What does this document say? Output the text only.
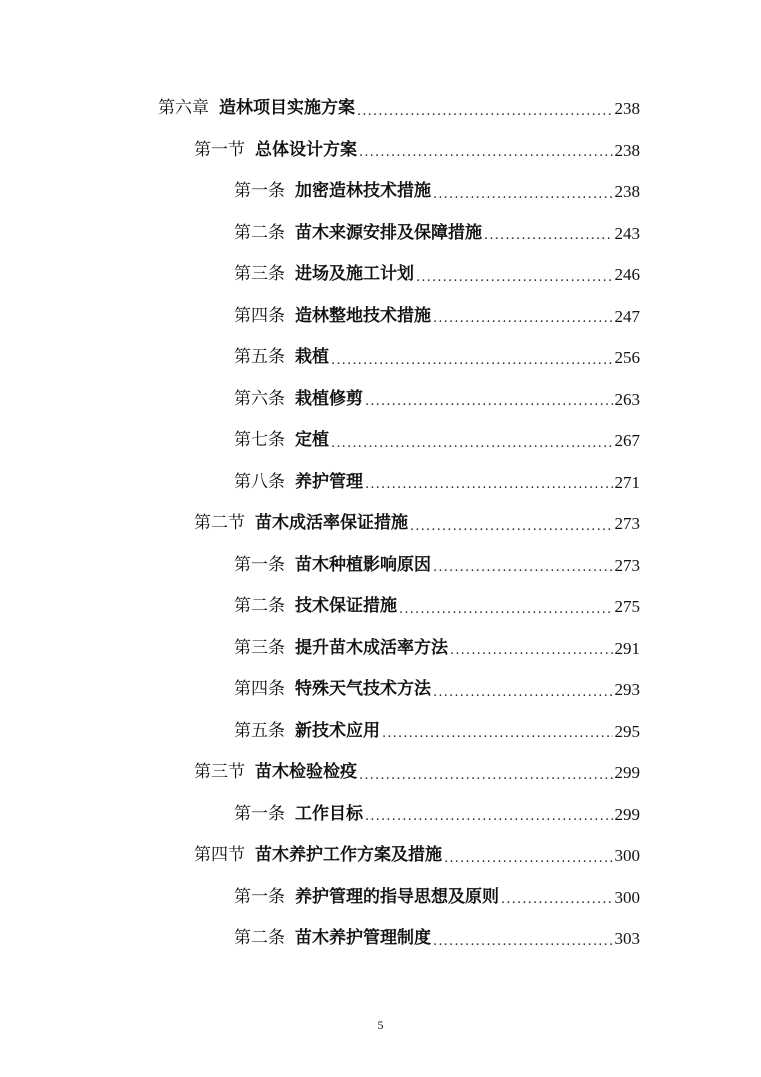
第六章 造林项目实施方案 .....	238
第一节 总体设计方案 .....	238
第一条 加密造林技术措施 .....	238
第二条 苗木来源安排及保障措施 .....	243
第三条 进场及施工计划 .....	246
第四条 造林整地技术措施 .....	247
第五条 栽植 .....	256
第六条 栽植修剪 .....	263
第七条 定植 .....	267
第八条 养护管理 .....	271
第二节 苗木成活率保证措施 .....	273
第一条 苗木种植影响原因 .....	273
第二条 技术保证措施 .....	275
第三条 提升苗木成活率方法 .....	291
第四条 特殊天气技术方法 .....	293
第五条 新技术应用 .....	295
第三节 苗木检验检疫 .....	299
第一条 工作目标 .....	299
第四节 苗木养护工作方案及措施 .....	300
第一条 养护管理的指导思想及原则 .....	300
第二条 苗木养护管理制度 .....	303
5
